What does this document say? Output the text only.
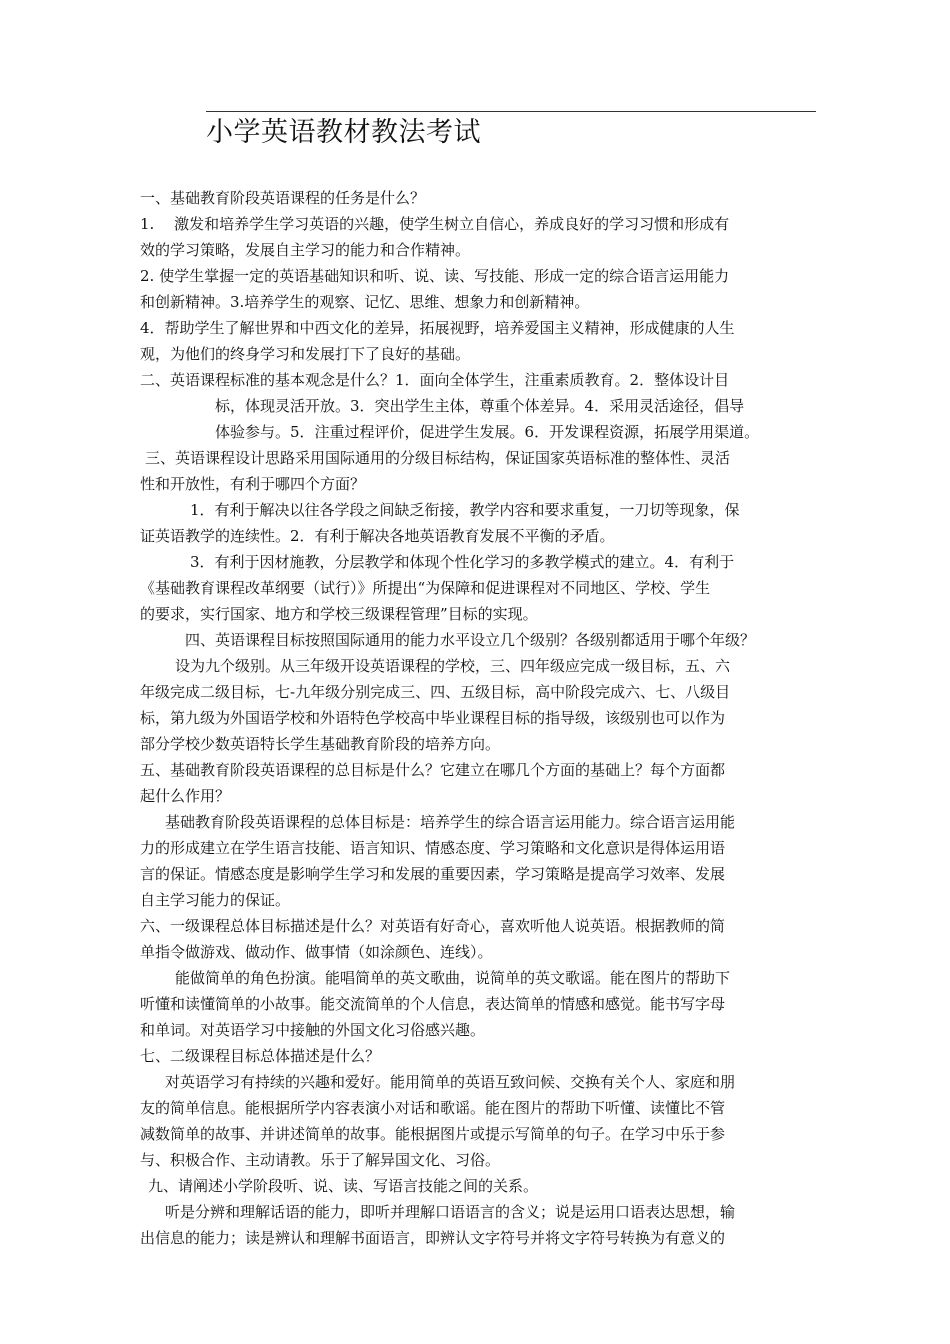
小学英语教材教法考试
一、基础教育阶段英语课程的任务是什么？
1.　 激发和培养学生学习英语的兴趣，使学生树立自信心，养成良好的学习习惯和形成有
效的学习策略，发展自主学习的能力和合作精神。
2. 使学生掌握一定的英语基础知识和听、说、读、写技能、形成一定的综合语言运用能力
和创新精神。3.培养学生的观察、记忆、思维、想象力和创新精神。
4．帮助学生了解世界和中西文化的差异，拓展视野，培养爱国主义精神，形成健康的人生
观，为他们的终身学习和发展打下了良好的基础。
二、英语课程标准的基本观念是什么？1．面向全体学生，注重素质教育。2．整体设计目
标，体现灵活开放。3．突出学生主体，尊重个体差异。4．采用灵活途径，倡导
体验参与。5．注重过程评价，促进学生发展。6．开发课程资源，拓展学用渠道。
三、英语课程设计思路采用国际通用的分级目标结构，保证国家英语标准的整体性、灵活
性和开放性，有利于哪四个方面？
1．有利于解决以往各学段之间缺乏衔接，教学内容和要求重复，一刀切等现象，保
证英语教学的连续性。2．有利于解决各地英语教育发展不平衡的矛盾。
3．有利于因材施教，分层教学和体现个性化学习的多教学模式的建立。4．有利于
《基础教育课程改革纲要（试行）》所提出“为保障和促进课程对不同地区、学校、学生
的要求，实行国家、地方和学校三级课程管理”目标的实现。
四、英语课程目标按照国际通用的能力水平设立几个级别？各级别都适用于哪个年级？
设为九个级别。从三年级开设英语课程的学校，三、四年级应完成一级目标，五、六
年级完成二级目标，七-九年级分别完成三、四、五级目标，高中阶段完成六、七、八级目
标，第九级为外国语学校和外语特色学校高中毕业课程目标的指导级，该级别也可以作为
部分学校少数英语特长学生基础教育阶段的培养方向。
五、基础教育阶段英语课程的总目标是什么？它建立在哪几个方面的基础上？每个方面都
起什么作用？
基础教育阶段英语课程的总体目标是：培养学生的综合语言运用能力。综合语言运用能
力的形成建立在学生语言技能、语言知识、情感态度、学习策略和文化意识是得体运用语
言的保证。情感态度是影响学生学习和发展的重要因素，学习策略是提高学习效率、发展
自主学习能力的保证。
六、一级课程总体目标描述是什么？对英语有好奇心，喜欢听他人说英语。根据教师的简
单指令做游戏、做动作、做事情（如涂颜色、连线）。
能做简单的角色扮演。能唱简单的英文歌曲，说简单的英文歌谣。能在图片的帮助下
听懂和读懂简单的小故事。能交流简单的个人信息，表达简单的情感和感觉。能书写字母
和单词。对英语学习中接触的外国文化习俗感兴趣。
七、二级课程目标总体描述是什么？
对英语学习有持续的兴趣和爱好。能用简单的英语互致问候、交换有关个人、家庭和朋
友的简单信息。能根据所学内容表演小对话和歌谣。能在图片的帮助下听懂、读懂比不管
减数简单的故事、并讲述简单的故事。能根据图片或提示写简单的句子。在学习中乐于参
与、积极合作、主动请教。乐于了解异国文化、习俗。
九、请阐述小学阶段听、说、读、写语言技能之间的关系。
听是分辨和理解话语的能力，即听并理解口语语言的含义；说是运用口语表达思想，输
出信息的能力；读是辨认和理解书面语言，即辨认文字符号并将文字符号转换为有意义的
